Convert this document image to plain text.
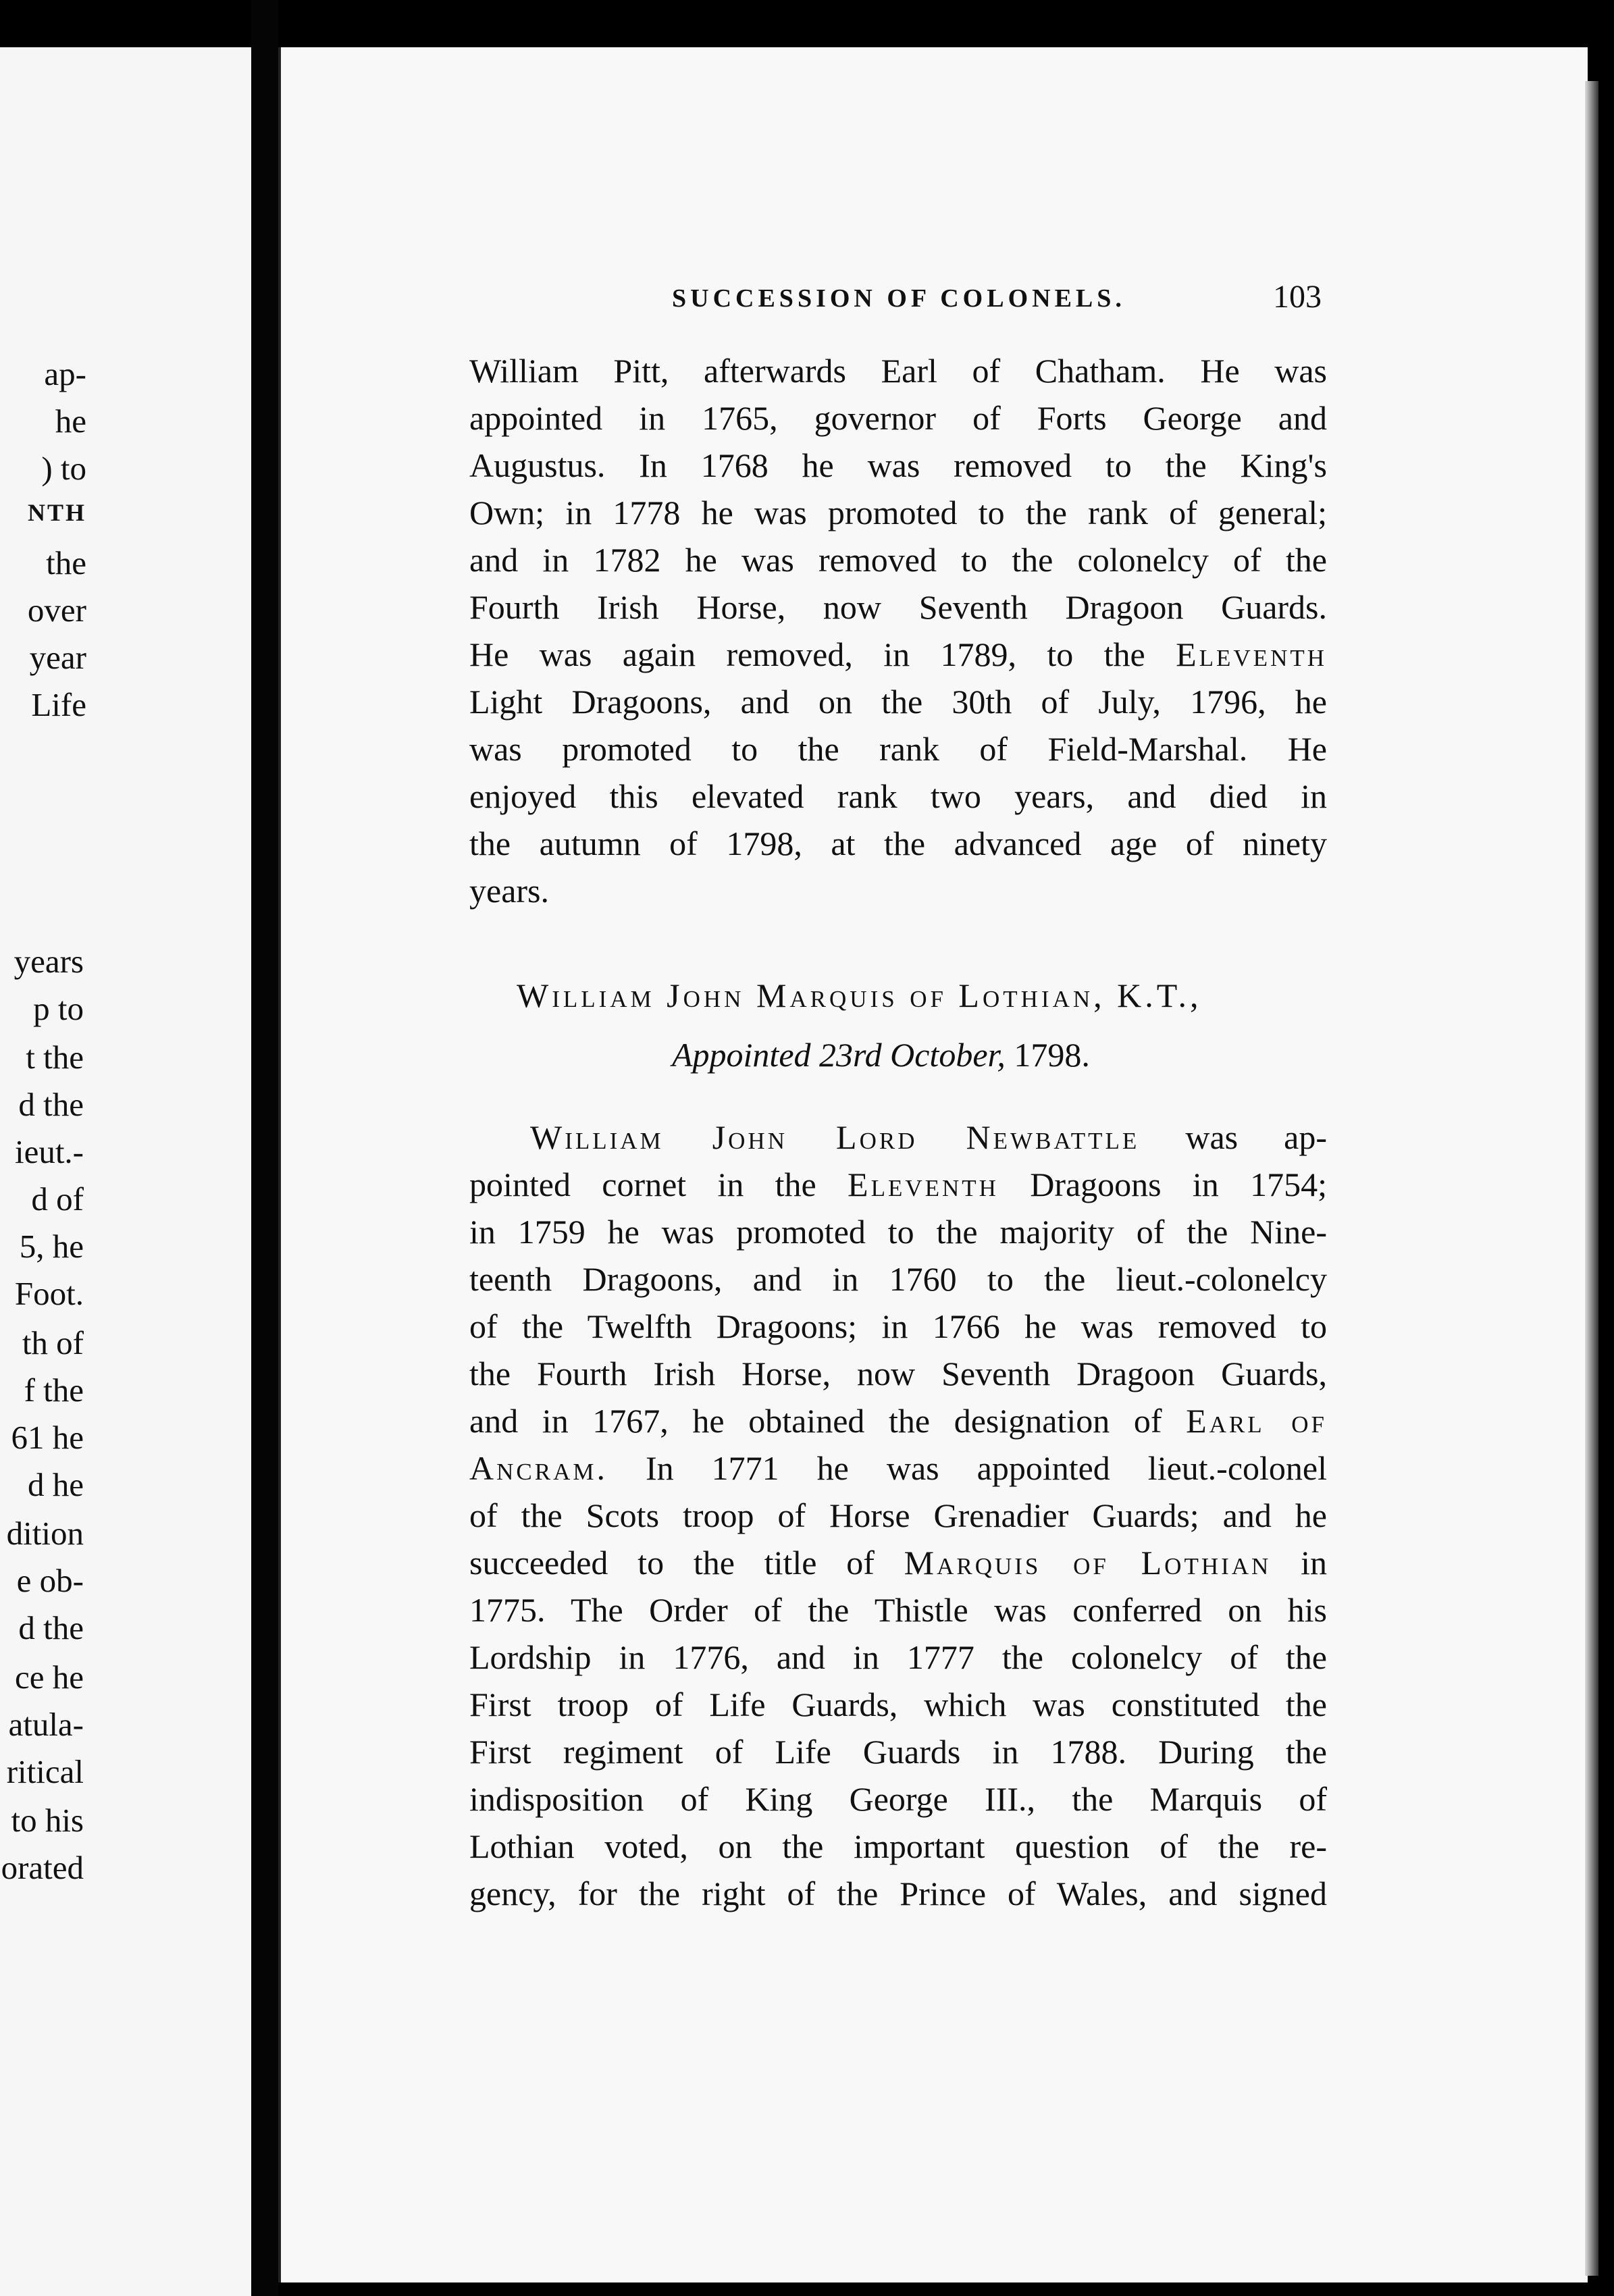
ap-
he
) to
NTH
the
over
year
Life
years
p to
t the
d the
ieut.-
d of
5, he
Foot.
th of
f the
61 he
d he
dition
e ob-
d the
ce he
atula-
ritical
to his
orated
SUCCESSION OF COLONELS.	103
William Pitt, afterwards Earl of Chatham. He was
appointed in 1765, governor of Forts George and
Augustus. In 1768 he was removed to the King's
Own; in 1778 he was promoted to the rank of general;
and in 1782 he was removed to the colonelcy of the
Fourth Irish Horse, now Seventh Dragoon Guards.
He was again removed, in 1789, to the Eleventh
Light Dragoons, and on the 30th of July, 1796, he
was promoted to the rank of Field-Marshal. He
enjoyed this elevated rank two years, and died in
the autumn of 1798, at the advanced age of ninety
years.
William John Marquis of Lothian, K.T.,
Appointed 23rd October, 1798.
William John Lord Newbattle was ap-
pointed cornet in the Eleventh Dragoons in 1754;
in 1759 he was promoted to the majority of the Nine-
teenth Dragoons, and in 1760 to the lieut.-colonelcy
of the Twelfth Dragoons; in 1766 he was removed to
the Fourth Irish Horse, now Seventh Dragoon Guards,
and in 1767, he obtained the designation of Earl of
Ancram. In 1771 he was appointed lieut.-colonel
of the Scots troop of Horse Grenadier Guards; and he
succeeded to the title of Marquis of Lothian in
1775. The Order of the Thistle was conferred on his
Lordship in 1776, and in 1777 the colonelcy of the
First troop of Life Guards, which was constituted the
First regiment of Life Guards in 1788. During the
indisposition of King George III., the Marquis of
Lothian voted, on the important question of the re-
gency, for the right of the Prince of Wales, and signed
